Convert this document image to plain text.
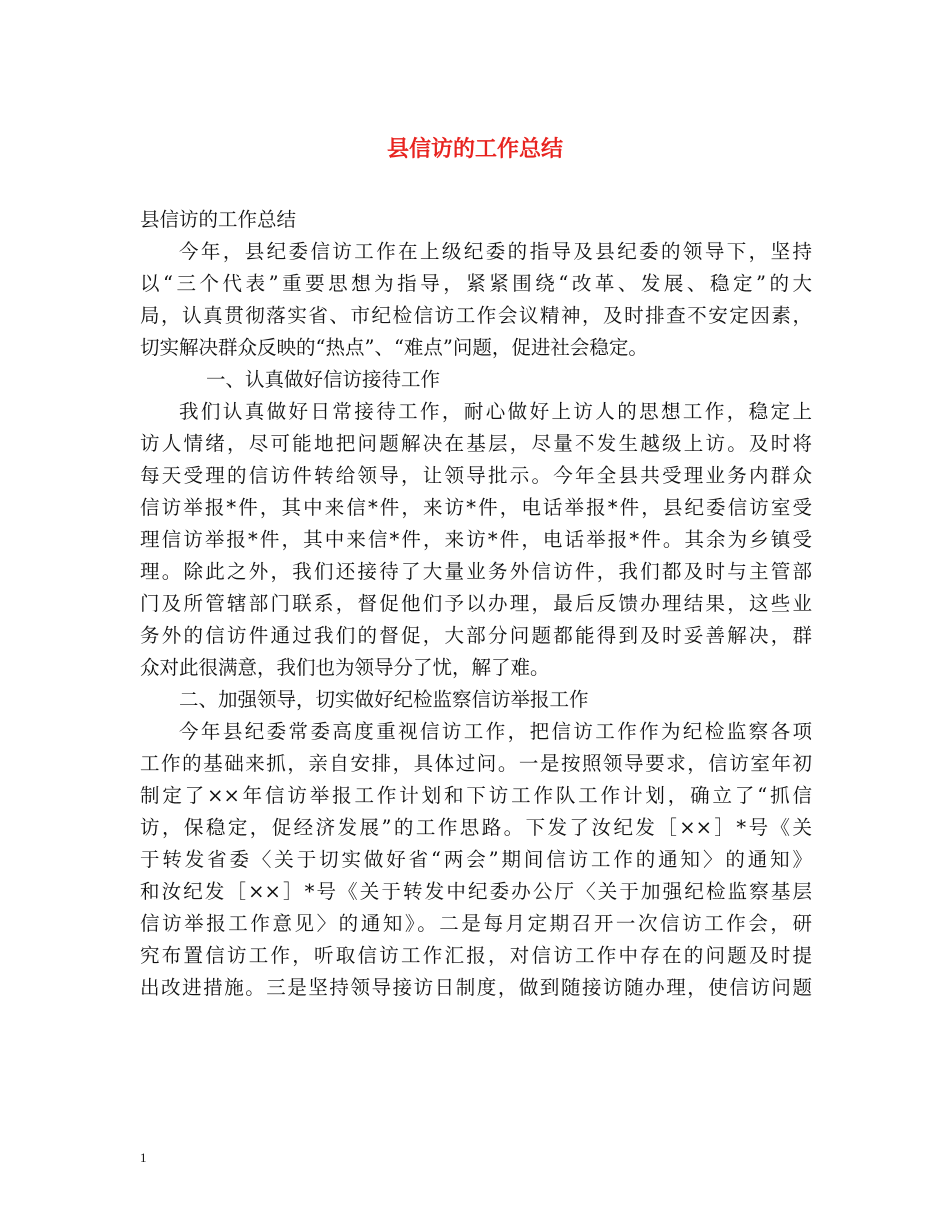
县信访的工作总结
县信访的工作总结
今年，县纪委信访工作在上级纪委的指导及县纪委的领导下，坚持
以“三个代表”重要思想为指导，紧紧围绕“改革、发展、稳定”的大
局，认真贯彻落实省、市纪检信访工作会议精神，及时排查不安定因素，
切实解决群众反映的“热点”、“难点”问题，促进社会稳定。
一、认真做好信访接待工作
我们认真做好日常接待工作，耐心做好上访人的思想工作，稳定上
访人情绪，尽可能地把问题解决在基层，尽量不发生越级上访。及时将
每天受理的信访件转给领导，让领导批示。今年全县共受理业务内群众
信访举报*件，其中来信*件，来访*件，电话举报*件，县纪委信访室受
理信访举报*件，其中来信*件，来访*件，电话举报*件。其余为乡镇受
理。除此之外，我们还接待了大量业务外信访件，我们都及时与主管部
门及所管辖部门联系，督促他们予以办理，最后反馈办理结果，这些业
务外的信访件通过我们的督促，大部分问题都能得到及时妥善解决，群
众对此很满意，我们也为领导分了忧，解了难。
二、加强领导，切实做好纪检监察信访举报工作
今年县纪委常委高度重视信访工作，把信访工作作为纪检监察各项
工作的基础来抓，亲自安排，具体过问。一是按照领导要求，信访室年初
制定了××年信访举报工作计划和下访工作队工作计划，确立了“抓信
访，保稳定，促经济发展”的工作思路。下发了汝纪发［××］*号《关
于转发省委〈关于切实做好省“两会”期间信访工作的通知〉的通知》
和汝纪发［××］*号《关于转发中纪委办公厅〈关于加强纪检监察基层
信访举报工作意见〉的通知》。二是每月定期召开一次信访工作会，研
究布置信访工作，听取信访工作汇报，对信访工作中存在的问题及时提
出改进措施。三是坚持领导接访日制度，做到随接访随办理，使信访问题
1
